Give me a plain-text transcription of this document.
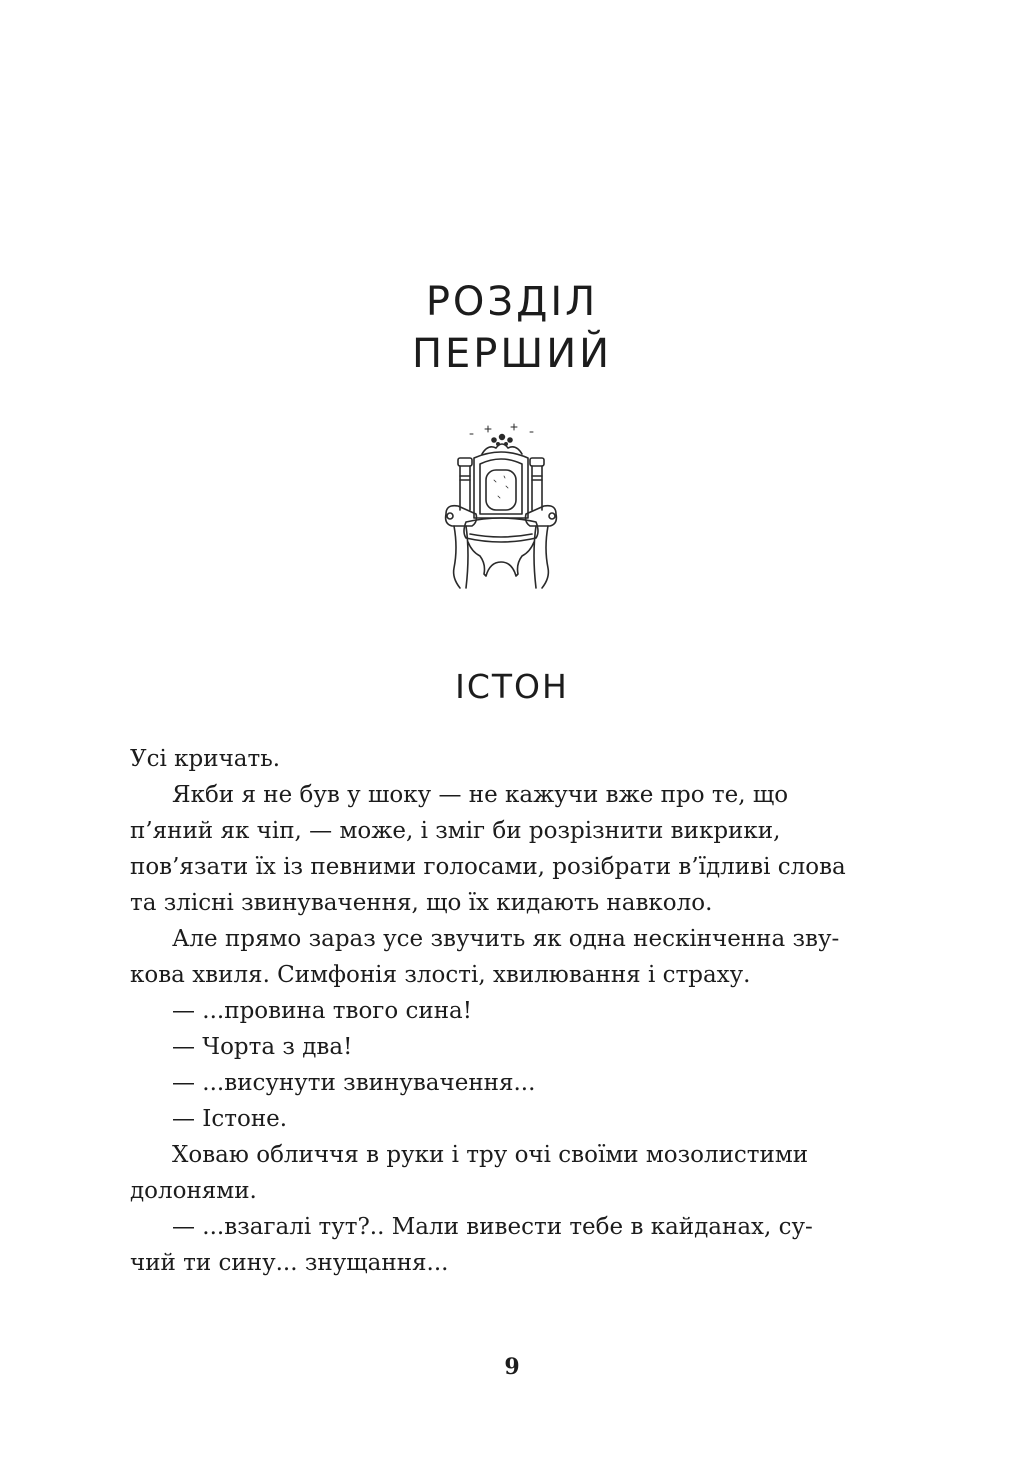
РОЗДІЛ
ПЕРШИЙ
ІСТОН

Усі кричать.

Якби я не був у шоку — не кажучи вже про те, що
п’яний як чіп, — може, і зміг би розрізнити викрики,
пов’язати їх із певними голосами, розібрати в’їдливі слова
та злісні звинувачення, що їх кидають навколо.

Але прямо зараз усе звучить як одна нескінченна зву-
кова хвиля. Симфонія злості, хвилювання і страху.

— ...провина твого сина!

— Чорта з два!

— ...висунути звинувачення...

— Істоне.

Ховаю обличчя в руки і тру очі своїми мозолистими
долонями.

— ...взагалі тут?.. Мали вивести тебе в кайданах, су-
чий ти сину... знущання...

9
